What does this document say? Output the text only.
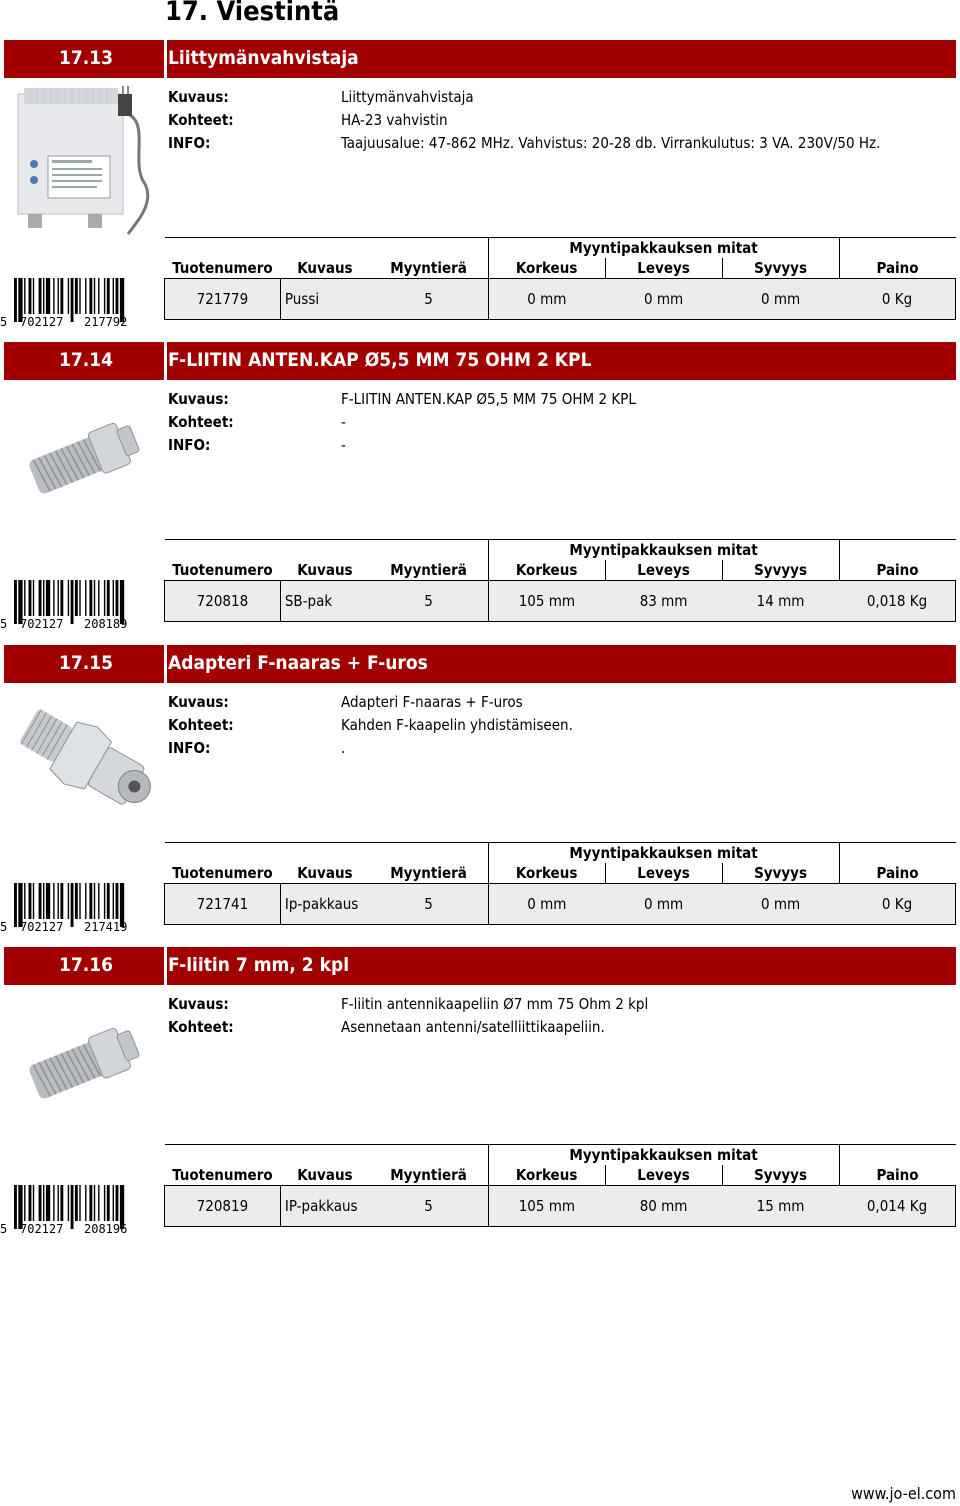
17. Viestintä
17.13	Liittymänvahvistaja
Kuvaus:	Liittymänvahvistaja
Kohteet:	HA-23 vahvistin
INFO:	Taajuusalue: 47-862 MHz. Vahvistus: 20-28 db. Virrankulutus: 3 VA. 230V/50 Hz.
			Myyntipakkauksen mitat			
Tuotenumero	Kuvaus	Myyntierä	Korkeus	Leveys	Syvyys	Paino
721779	Pussi	5	0 mm	0 mm	0 mm	0 Kg
5 702127 217792
17.14	F-LIITIN ANTEN.KAP Ø5,5 MM 75 OHM 2 KPL
Kuvaus:	F-LIITIN ANTEN.KAP Ø5,5 MM 75 OHM 2 KPL
Kohteet:	-
INFO:	-
			Myyntipakkauksen mitat			
Tuotenumero	Kuvaus	Myyntierä	Korkeus	Leveys	Syvyys	Paino
720818	SB-pak	5	105 mm	83 mm	14 mm	0,018 Kg
5 702127 208189
17.15	Adapteri F-naaras + F-uros
Kuvaus:	Adapteri F-naaras + F-uros
Kohteet:	Kahden F-kaapelin yhdistämiseen.
INFO:	.
			Myyntipakkauksen mitat			
Tuotenumero	Kuvaus	Myyntierä	Korkeus	Leveys	Syvyys	Paino
721741	Ip-pakkaus	5	0 mm	0 mm	0 mm	0 Kg
5 702127 217419
17.16	F-liitin 7 mm, 2 kpl
Kuvaus:	F-liitin antennikaapeliin Ø7 mm 75 Ohm 2 kpl
Kohteet:	Asennetaan antenni/satelliittikaapeliin.
			Myyntipakkauksen mitat			
Tuotenumero	Kuvaus	Myyntierä	Korkeus	Leveys	Syvyys	Paino
720819	IP-pakkaus	5	105 mm	80 mm	15 mm	0,014 Kg
5 702127 208196
www.jo-el.com
